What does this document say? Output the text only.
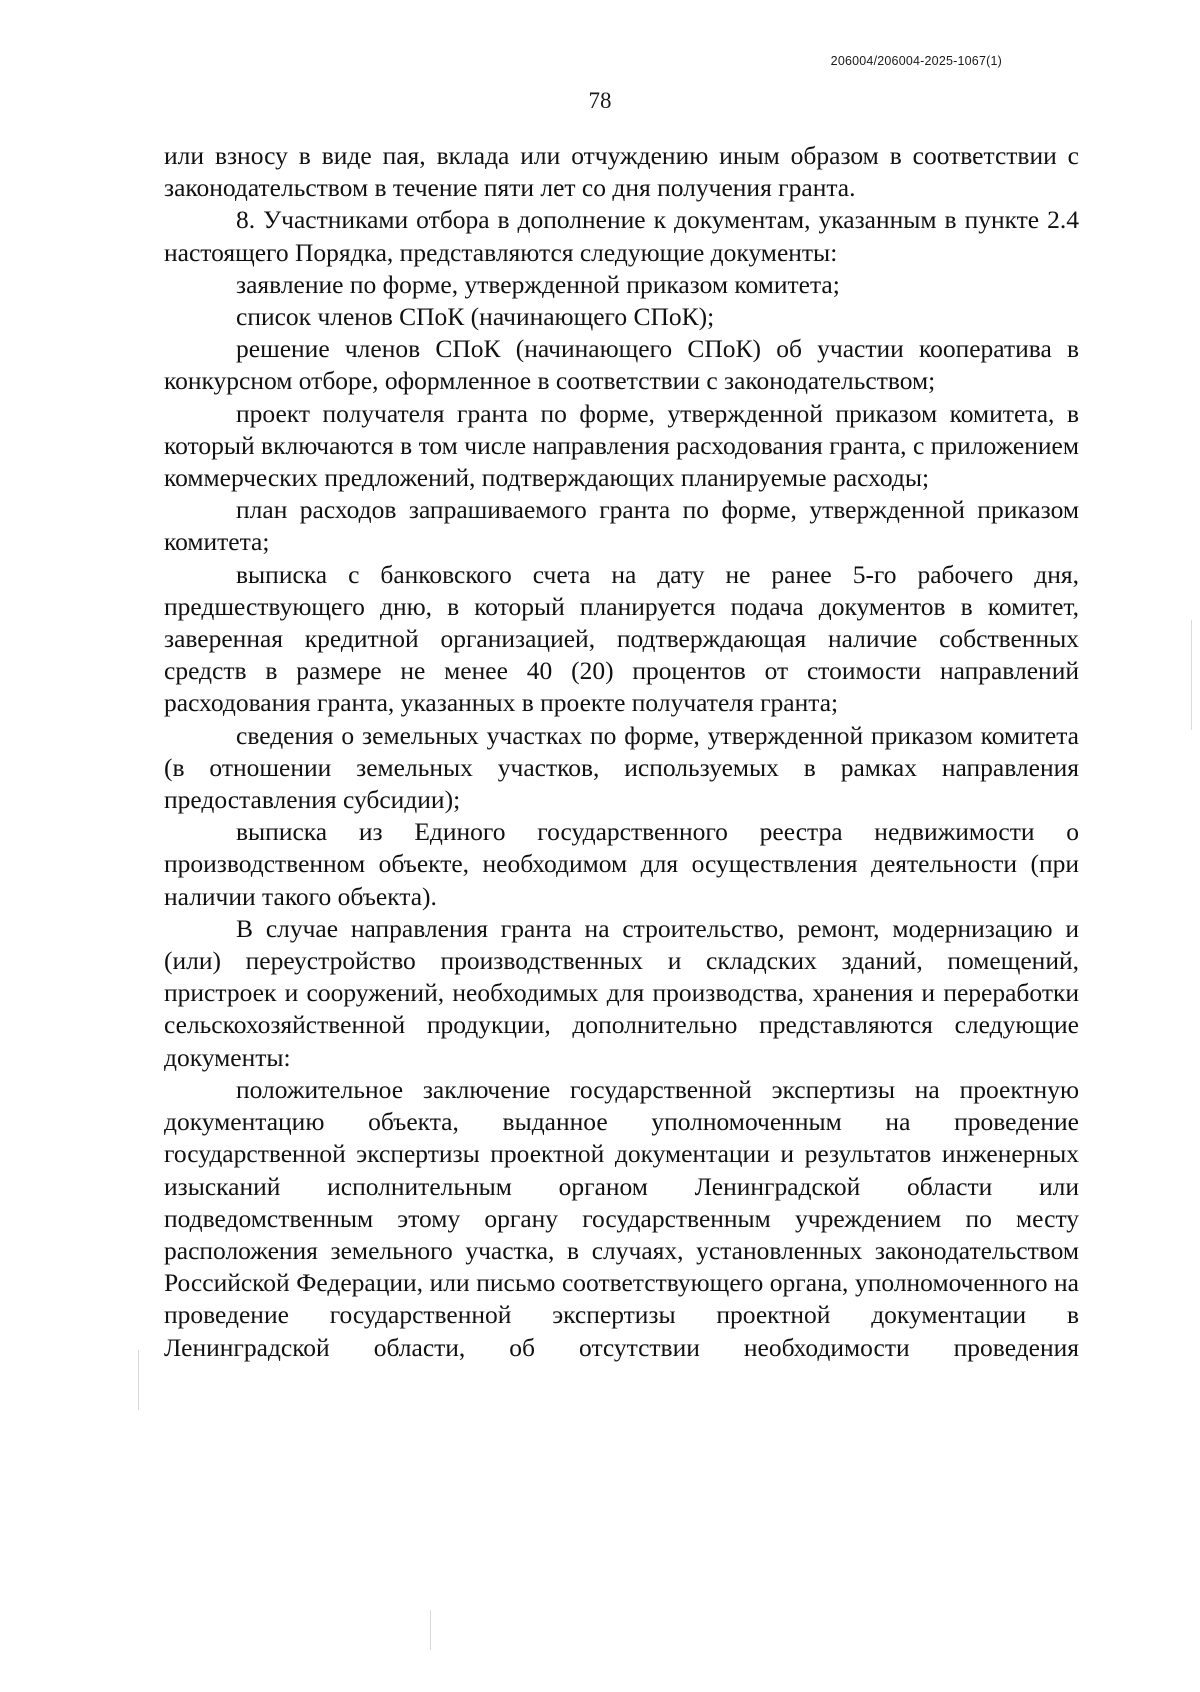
206004/206004-2025-1067(1)
78

или взносу в виде пая, вклада или отчуждению иным образом в соответствии с законодательством в течение пяти лет со дня получения гранта.

8. Участниками отбора в дополнение к документам, указанным в пункте 2.4 настоящего Порядка, представляются следующие документы:

заявление по форме, утвержденной приказом комитета;

список членов СПоК (начинающего СПоК);

решение членов СПоК (начинающего СПоК) об участии кооператива в конкурсном отборе, оформленное в соответствии с законодательством;

проект получателя гранта по форме, утвержденной приказом комитета, в который включаются в том числе направления расходования гранта, с приложением коммерческих предложений, подтверждающих планируемые расходы;

план расходов запрашиваемого гранта по форме, утвержденной приказом комитета;

выписка с банковского счета на дату не ранее 5-го рабочего дня, предшествующего дню, в который планируется подача документов в комитет, заверенная кредитной организацией, подтверждающая наличие собственных средств в размере не менее 40 (20) процентов от стоимости направлений расходования гранта, указанных в проекте получателя гранта;

сведения о земельных участках по форме, утвержденной приказом комитета (в отношении земельных участков, используемых в рамках направления предоставления субсидии);

выписка из Единого государственного реестра недвижимости о производственном объекте, необходимом для осуществления деятельности (при наличии такого объекта).

В случае направления гранта на строительство, ремонт, модернизацию и (или) переустройство производственных и складских зданий, помещений, пристроек и сооружений, необходимых для производства, хранения и переработки сельскохозяйственной продукции, дополнительно представляются следующие документы:

положительное заключение государственной экспертизы на проектную документацию объекта, выданное уполномоченным на проведение государственной экспертизы проектной документации и результатов инженерных изысканий исполнительным органом Ленинградской области или подведомственным этому органу государственным учреждением по месту расположения земельного участка, в случаях, установленных законодательством Российской Федерации, или письмо соответствующего органа, уполномоченного на проведение государственной экспертизы проектной документации в Ленинградской области, об отсутствии необходимости проведения
